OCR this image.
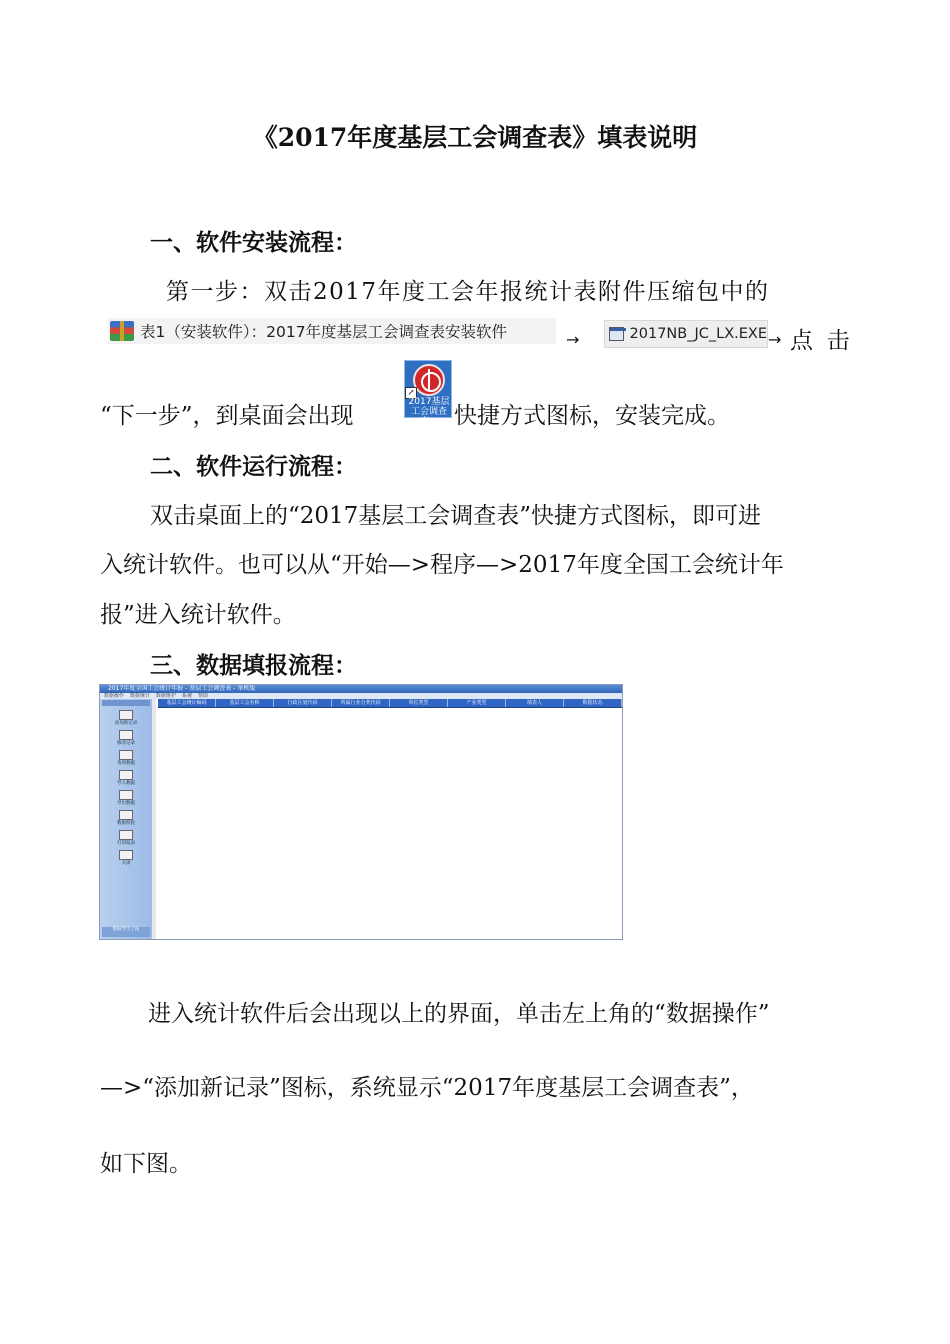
《2017年度基层工会调查表》填表说明
一、软件安装流程：
第一步：双击2017年度工会年报统计表附件压缩包中的
表1（安装软件）：2017年度基层工会调查表安装软件	→	2017NB_JC_LX.EXE → 点 击
“下一步”，到桌面会出现
↗
2017基层工会调查表... 快捷方式图标，安装完成。
二、软件运行流程：
双击桌面上的“2017基层工会调查表”快捷方式图标，即可进
入统计软件。也可以从“开始—>程序—>2017年度全国工会统计年
报”进入统计软件。
三、数据填报流程：
2017年度全国工会统计年报 - 基层工会调查表 - 单机版
数据操作 数据统计 数据维护 系统 帮助
添加新记录
修改记录
查询数据
导入数据
导出数据
数据校验
打印报表
关闭
数据导出上报
基层工会统计编码	基层工会名称	行政区划代码	所属行业分类代码	单位类型	产业类型	填表人	数据状态
进入统计软件后会出现以上的界面，单击左上角的“数据操作”
—>“添加新记录”图标，系统显示“2017年度基层工会调查表”，
如下图。
